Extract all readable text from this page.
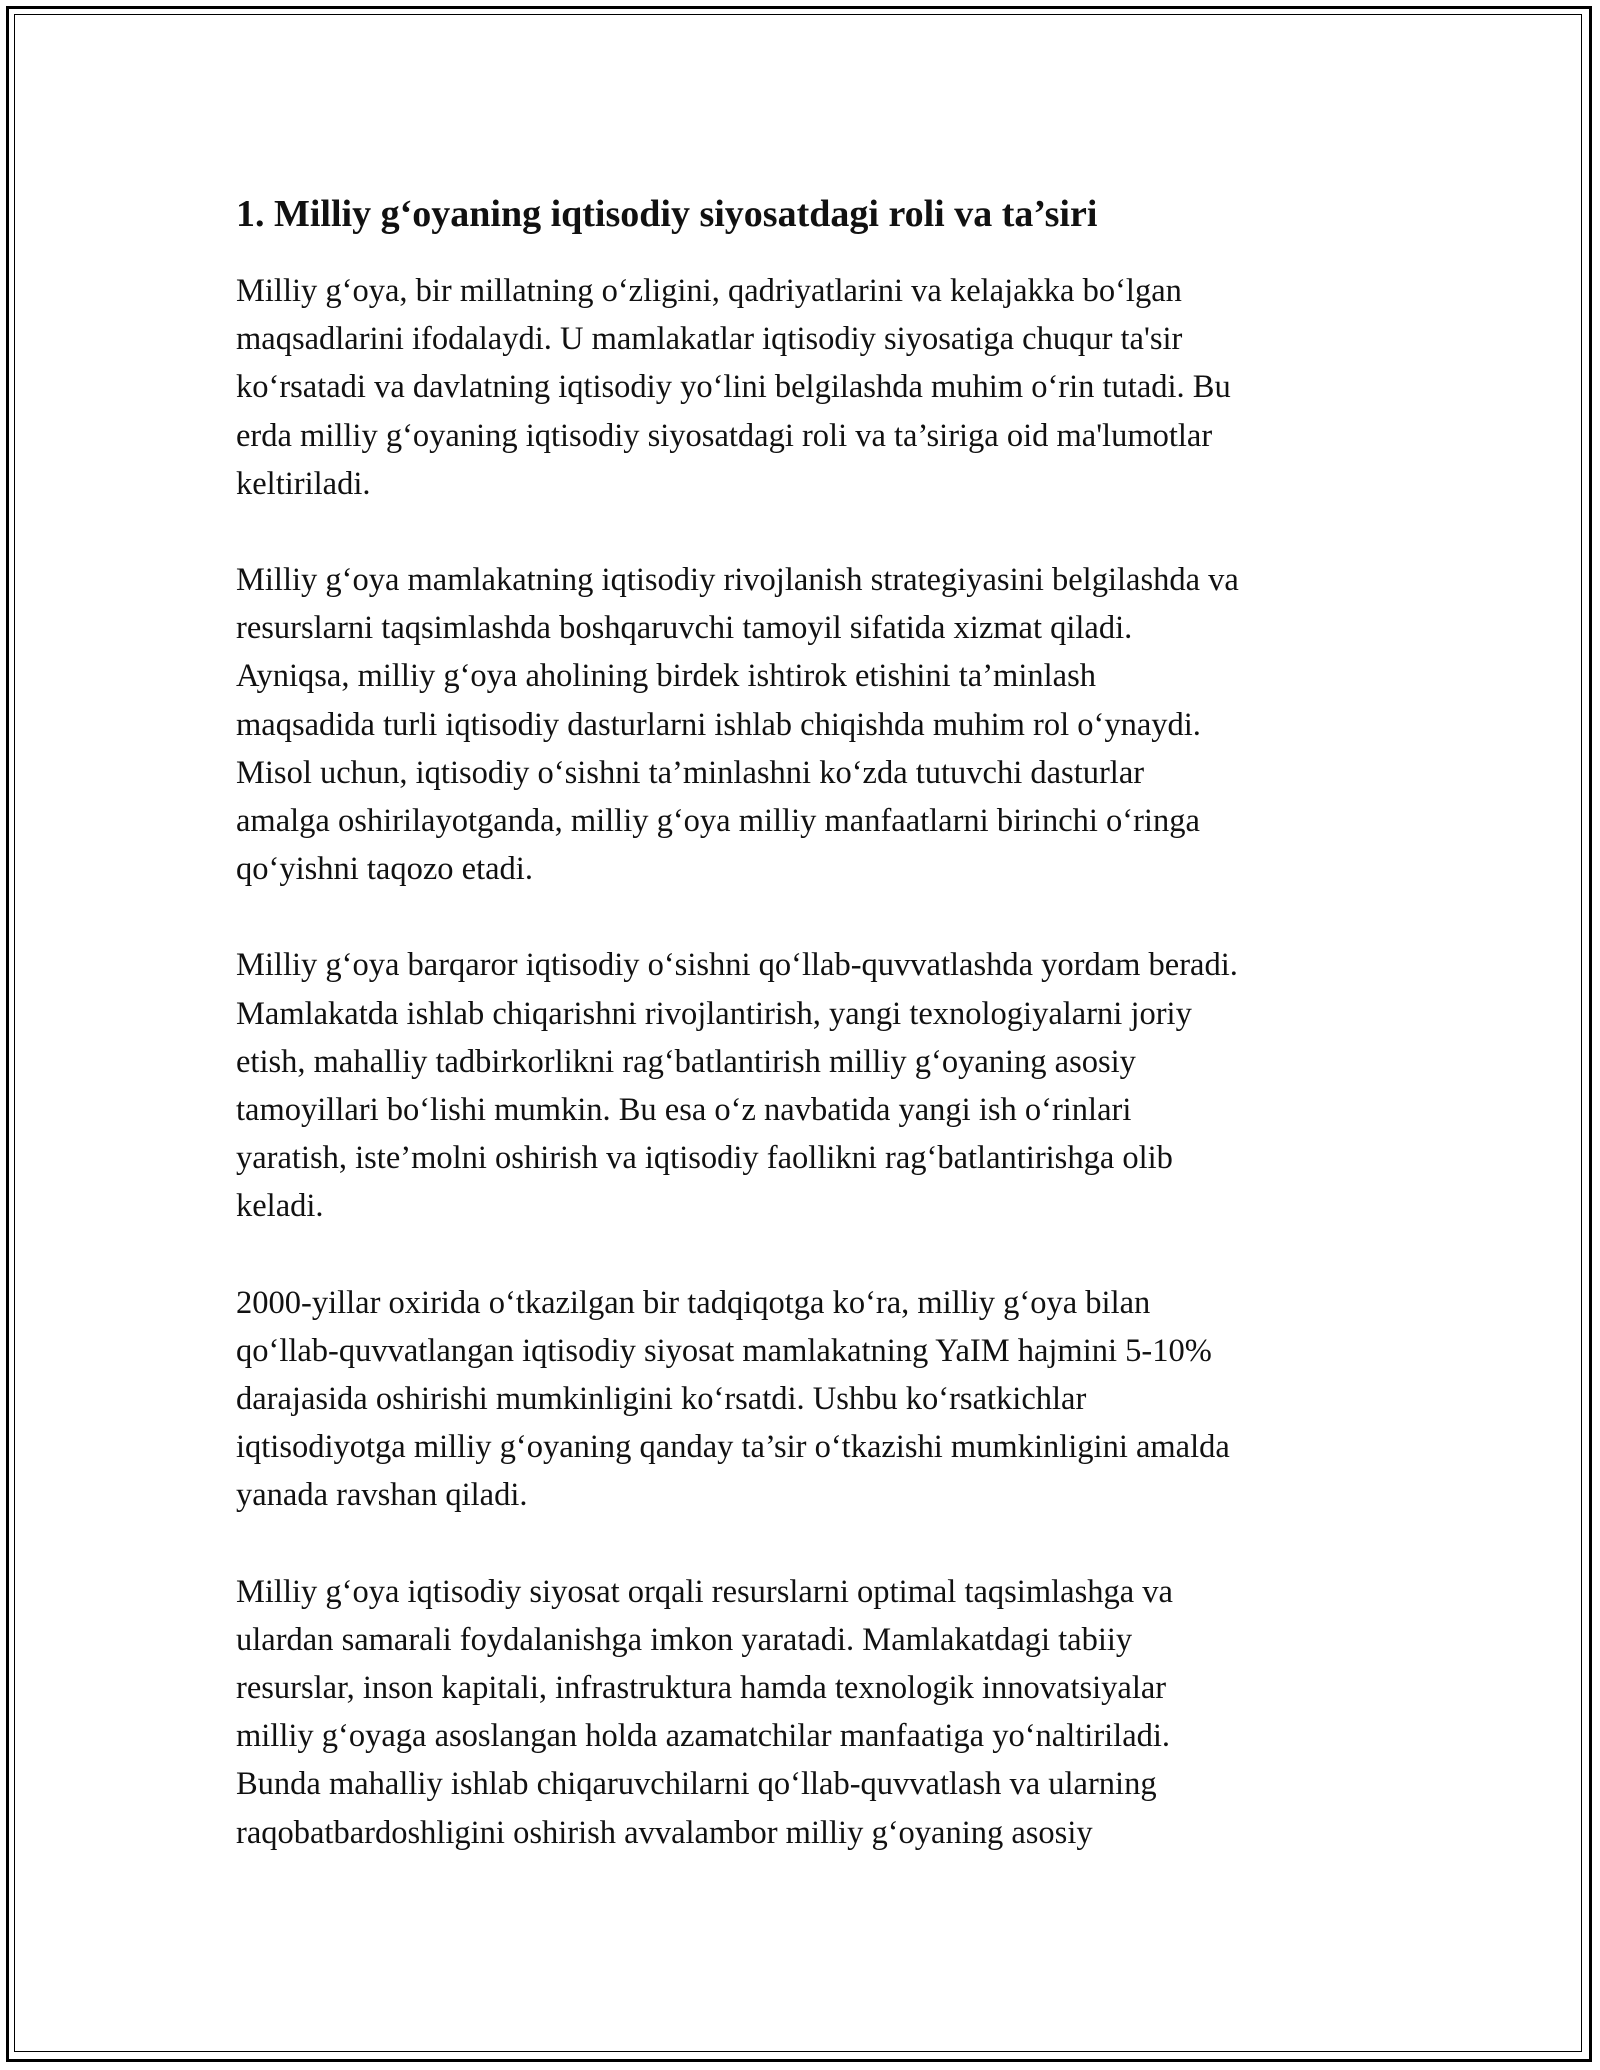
1. Milliy g‘oyaning iqtisodiy siyosatdagi roli va ta’siri

Milliy g‘oya, bir millatning o‘zligini, qadriyatlarini va kelajakka bo‘lgan
maqsadlarini ifodalaydi. U mamlakatlar iqtisodiy siyosatiga chuqur ta'sir
ko‘rsatadi va davlatning iqtisodiy yo‘lini belgilashda muhim o‘rin tutadi. Bu
erda milliy g‘oyaning iqtisodiy siyosatdagi roli va ta’siriga oid ma'lumotlar
keltiriladi.

Milliy g‘oya mamlakatning iqtisodiy rivojlanish strategiyasini belgilashda va
resurslarni taqsimlashda boshqaruvchi tamoyil sifatida xizmat qiladi.
Ayniqsa, milliy g‘oya aholining birdek ishtirok etishini ta’minlash
maqsadida turli iqtisodiy dasturlarni ishlab chiqishda muhim rol o‘ynaydi.
Misol uchun, iqtisodiy o‘sishni ta’minlashni ko‘zda tutuvchi dasturlar
amalga oshirilayotganda, milliy g‘oya milliy manfaatlarni birinchi o‘ringa
qo‘yishni taqozo etadi.

Milliy g‘oya barqaror iqtisodiy o‘sishni qo‘llab-quvvatlashda yordam beradi.
Mamlakatda ishlab chiqarishni rivojlantirish, yangi texnologiyalarni joriy
etish, mahalliy tadbirkorlikni rag‘batlantirish milliy g‘oyaning asosiy
tamoyillari bo‘lishi mumkin. Bu esa o‘z navbatida yangi ish o‘rinlari
yaratish, iste’molni oshirish va iqtisodiy faollikni rag‘batlantirishga olib
keladi.

2000-yillar oxirida o‘tkazilgan bir tadqiqotga ko‘ra, milliy g‘oya bilan
qo‘llab-quvvatlangan iqtisodiy siyosat mamlakatning YaIM hajmini 5-10%
darajasida oshirishi mumkinligini ko‘rsatdi. Ushbu ko‘rsatkichlar
iqtisodiyotga milliy g‘oyaning qanday ta’sir o‘tkazishi mumkinligini amalda
yanada ravshan qiladi.

Milliy g‘oya iqtisodiy siyosat orqali resurslarni optimal taqsimlashga va
ulardan samarali foydalanishga imkon yaratadi. Mamlakatdagi tabiiy
resurslar, inson kapitali, infrastruktura hamda texnologik innovatsiyalar
milliy g‘oyaga asoslangan holda azamatchilar manfaatiga yo‘naltiriladi.
Bunda mahalliy ishlab chiqaruvchilarni qo‘llab-quvvatlash va ularning
raqobatbardoshligini oshirish avvalambor milliy g‘oyaning asosiy
